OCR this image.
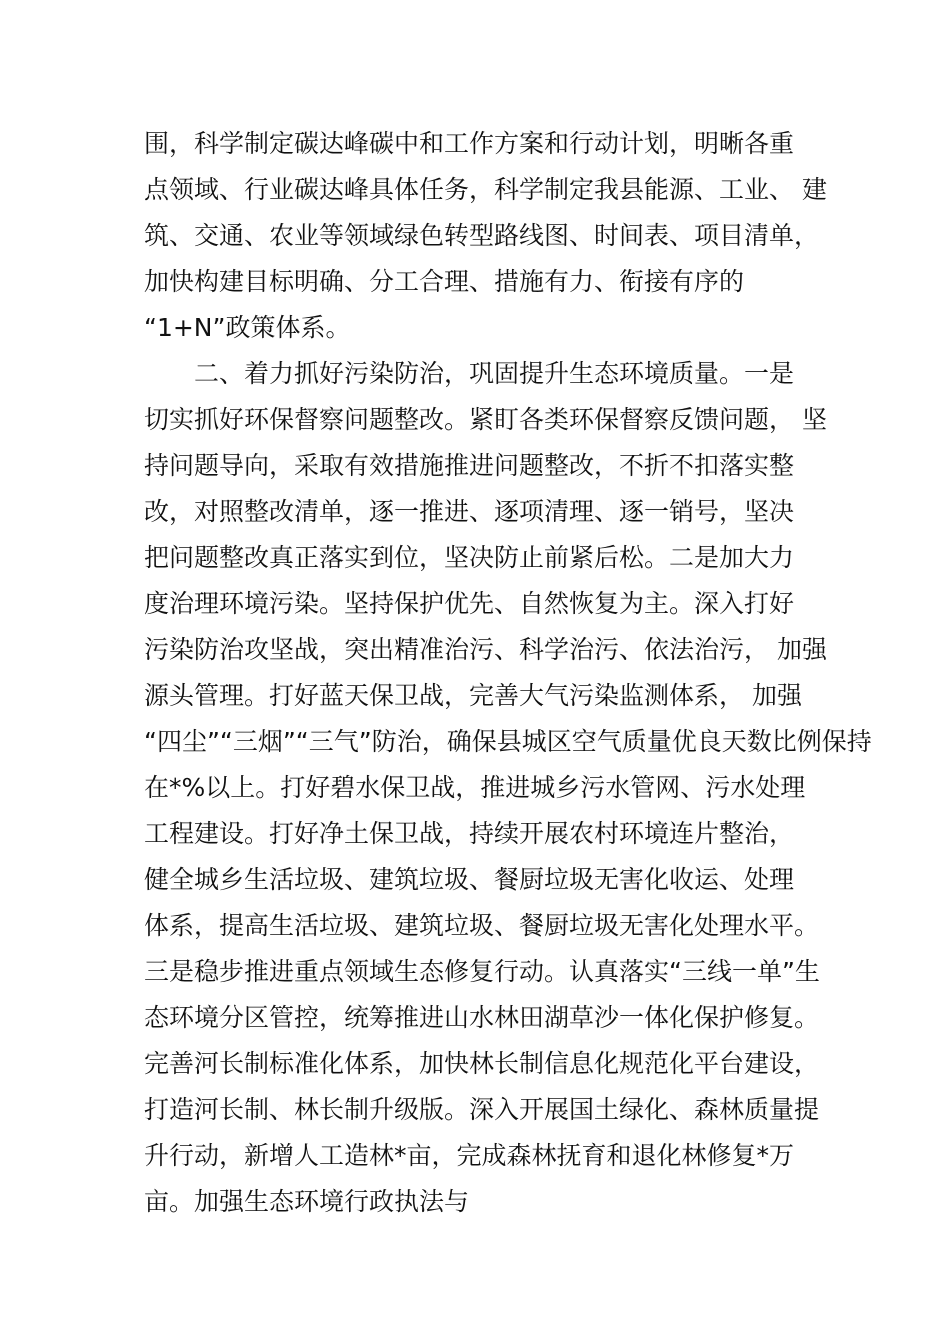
围，科学制定碳达峰碳中和工作方案和行动计划，明晰各重
点领域、行业碳达峰具体任务，科学制定我县能源、工业、 建
筑、交通、农业等领域绿色转型路线图、时间表、项目清单，
加快构建目标明确、分工合理、措施有力、衔接有序的
“1+N”政策体系。
　　二、着力抓好污染防治，巩固提升生态环境质量。一是
切实抓好环保督察问题整改。紧盯各类环保督察反馈问题， 坚
持问题导向，采取有效措施推进问题整改，不折不扣落实整
改，对照整改清单，逐一推进、逐项清理、逐一销号，坚决
把问题整改真正落实到位，坚决防止前紧后松。二是加大力
度治理环境污染。坚持保护优先、自然恢复为主。深入打好
污染防治攻坚战，突出精准治污、科学治污、依法治污， 加强
源头管理。打好蓝天保卫战，完善大气污染监测体系， 加强
“四尘”“三烟”“三气”防治，确保县城区空气质量优良天数比例保持
在*%以上。打好碧水保卫战，推进城乡污水管网、污水处理
工程建设。打好净土保卫战，持续开展农村环境连片整治，
健全城乡生活垃圾、建筑垃圾、餐厨垃圾无害化收运、处理
体系，提高生活垃圾、建筑垃圾、餐厨垃圾无害化处理水平。
三是稳步推进重点领域生态修复行动。认真落实“三线一单”生
态环境分区管控，统筹推进山水林田湖草沙一体化保护修复。
完善河长制标准化体系，加快林长制信息化规范化平台建设，
打造河长制、林长制升级版。深入开展国土绿化、森林质量提
升行动，新增人工造林*亩，完成森林抚育和退化林修复*万
亩。加强生态环境行政执法与
